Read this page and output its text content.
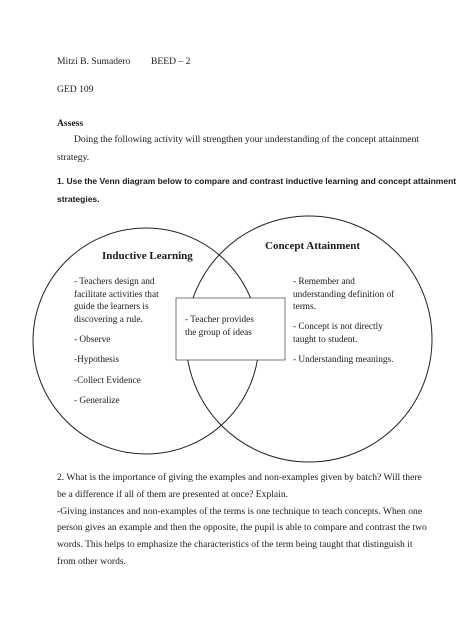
Mitzi B. Sumadero BEED – 2
GED 109
Assess
Doing the following activity will strengthen your understanding of the concept attainment
strategy.
1. Use the Venn diagram below to compare and contrast inductive learning and concept attainment
strategies.
Inductive Learning
Concept Attainment
- Teachers design and
facilitate activities that
guide the learners is
discovering a rule.
- Observe
-Hypothesis
-Collect Evidence
- Generalize
- Teacher provides
the group of ideas
- Remember and
understanding definition of
terms.
- Concept is not directly
taught to student.
- Understanding meanings.
2. What is the importance of giving the examples and non-examples given by batch? Will there
be a difference if all of them are presented at once? Explain.
-Giving instances and non-examples of the terms is one technique to teach concepts. When one
person gives an example and then the opposite, the pupil is able to compare and contrast the two
words. This helps to emphasize the characteristics of the term being taught that distinguish it
from other words.
